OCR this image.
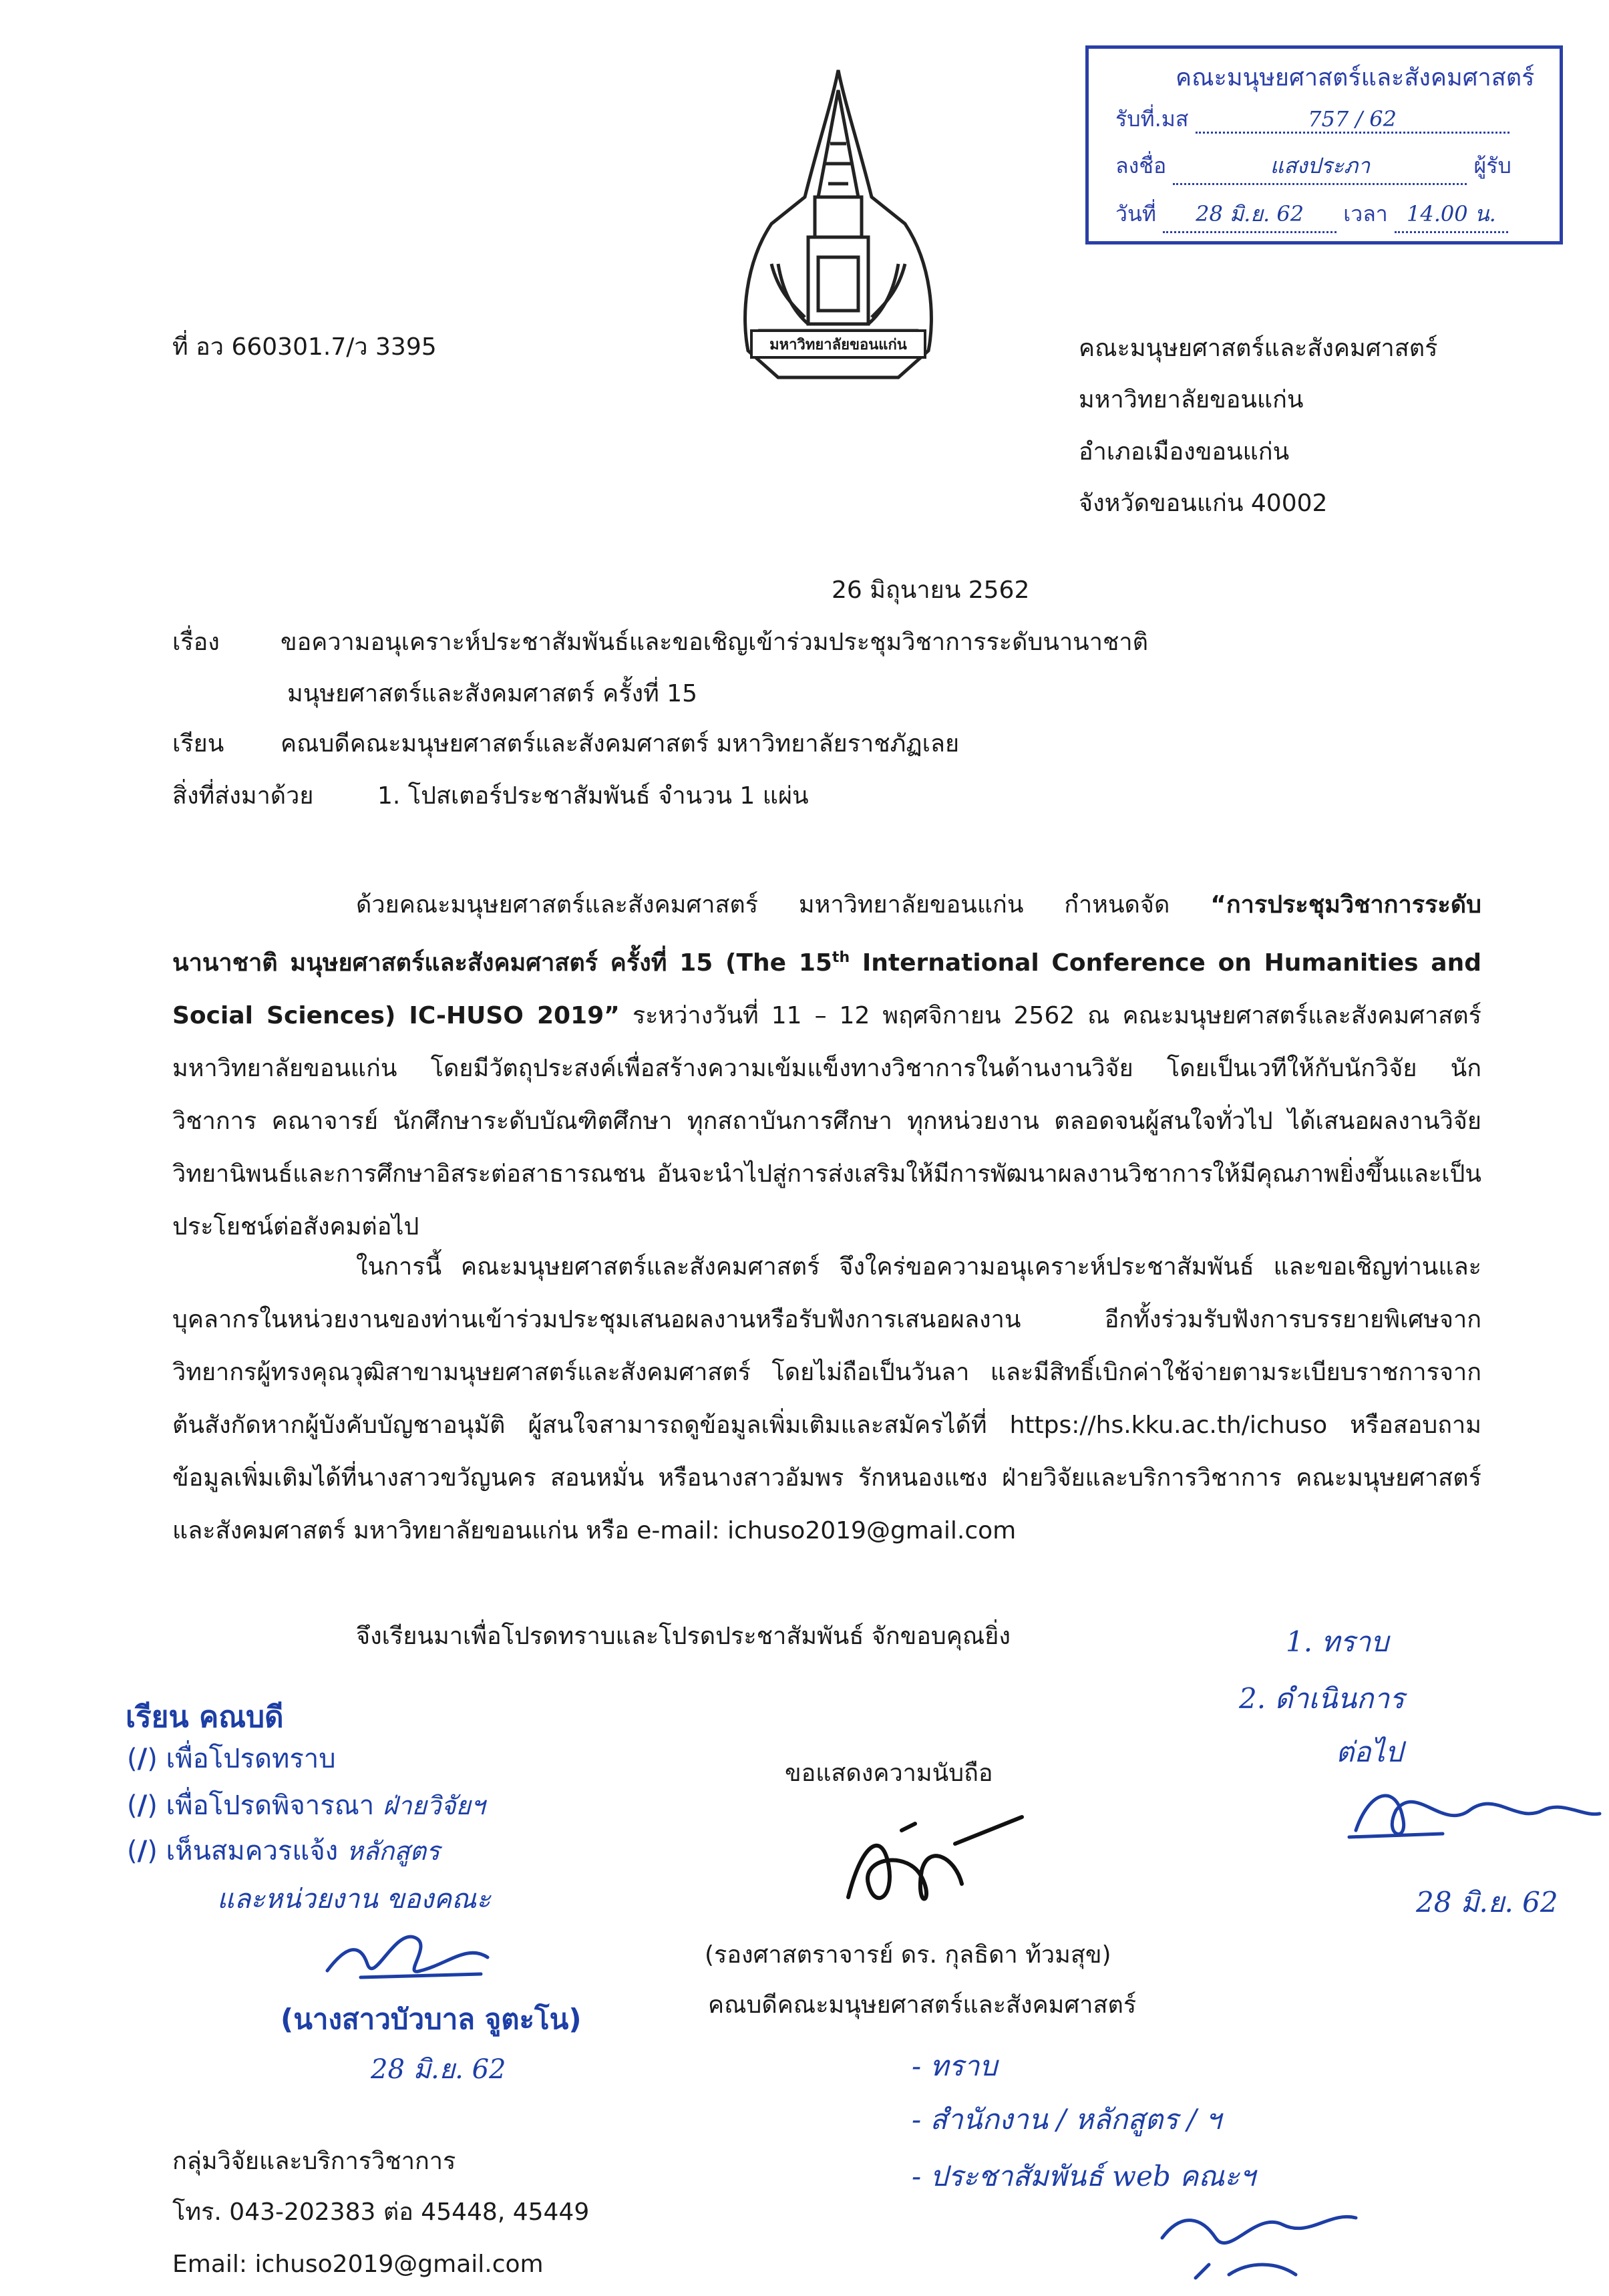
คณะมนุษยศาสตร์และสังคมศาสตร์
รับที่.มส	757 / 62
ลงชื่อ	แสงประภา	ผู้รับ
วันที่ 28 มิ.ย. 62 เวลา 14.00 น.
มหาวิทยาลัยขอนแก่น
ที่ อว 660301.7/ว 3395	คณะมนุษยศาสตร์และสังคมศาสตร์
มหาวิทยาลัยขอนแก่น
อำเภอเมืองขอนแก่น
จังหวัดขอนแก่น 40002
26 มิถุนายน 2562
เรื่อง	ขอความอนุเคราะห์ประชาสัมพันธ์และขอเชิญเข้าร่วมประชุมวิชาการระดับนานาชาติ
มนุษยศาสตร์และสังคมศาสตร์ ครั้งที่ 15
เรียน คณบดีคณะมนุษยศาสตร์และสังคมศาสตร์ มหาวิทยาลัยราชภัฏเลย
สิ่งที่ส่งมาด้วย	1. โปสเตอร์ประชาสัมพันธ์ จำนวน 1 แผ่น

ด้วยคณะมนุษยศาสตร์และสังคมศาสตร์ มหาวิทยาลัยขอนแก่น กำหนดจัด “การประชุมวิชาการระดับนานาชาติ มนุษยศาสตร์และสังคมศาสตร์ ครั้งที่ 15 (The 15th International Conference on Humanities and Social Sciences) IC-HUSO 2019” ระหว่างวันที่ 11 – 12 พฤศจิกายน 2562 ณ คณะมนุษยศาสตร์และสังคมศาสตร์ มหาวิทยาลัยขอนแก่น โดยมีวัตถุประสงค์เพื่อสร้างความเข้มแข็งทางวิชาการในด้านงานวิจัย โดยเป็นเวทีให้กับนักวิจัย นักวิชาการ คณาจารย์ นักศึกษาระดับบัณฑิตศึกษา ทุกสถาบันการศึกษา ทุกหน่วยงาน ตลอดจนผู้สนใจทั่วไป ได้เสนอผลงานวิจัย วิทยานิพนธ์และการศึกษาอิสระต่อสาธารณชน อันจะนำไปสู่การส่งเสริมให้มีการพัฒนาผลงานวิชาการให้มีคุณภาพยิ่งขึ้นและเป็นประโยชน์ต่อสังคมต่อไป

ในการนี้ คณะมนุษยศาสตร์และสังคมศาสตร์ จึงใคร่ขอความอนุเคราะห์ประชาสัมพันธ์ และขอเชิญท่านและบุคลากรในหน่วยงานของท่านเข้าร่วมประชุมเสนอผลงานหรือรับฟังการเสนอผลงาน อีกทั้งร่วมรับฟังการบรรยายพิเศษจากวิทยากรผู้ทรงคุณวุฒิสาขามนุษยศาสตร์และสังคมศาสตร์ โดยไม่ถือเป็นวันลา และมีสิทธิ์เบิกค่าใช้จ่ายตามระเบียบราชการจากต้นสังกัดหากผู้บังคับบัญชาอนุมัติ ผู้สนใจสามารถดูข้อมูลเพิ่มเติมและสมัครได้ที่ https://hs.kku.ac.th/ichuso หรือสอบถามข้อมูลเพิ่มเติมได้ที่นางสาวขวัญนคร สอนหมั่น หรือนางสาวอัมพร รักหนองแซง ฝ่ายวิจัยและบริการวิชาการ คณะมนุษยศาสตร์และสังคมศาสตร์ มหาวิทยาลัยขอนแก่น หรือ e-mail: ichuso2019@gmail.com

จึงเรียนมาเพื่อโปรดทราบและโปรดประชาสัมพันธ์ จักขอบคุณยิ่ง
ขอแสดงความนับถือ
(รองศาสตราจารย์ ดร. กุลธิดา ท้วมสุข)
คณบดีคณะมนุษยศาสตร์และสังคมศาสตร์
กลุ่มวิจัยและบริการวิชาการ
โทร. 043-202383 ต่อ 45448, 45449
Email: ichuso2019@gmail.com
เรียน คณบดี
(/) เพื่อโปรดทราบ
(/) เพื่อโปรดพิจารณา ฝ่ายวิจัยฯ
(/) เห็นสมควรแจ้ง หลักสูตร
และหน่วยงาน ของคณะ
(นางสาวบัวบาล จูตะโน)
28 มิ.ย. 62
1. ทราบ
2. ดำเนินการ
ต่อไป
28 มิ.ย. 62
- ทราบ
- สำนักงาน / หลักสูตร / ฯ
- ประชาสัมพันธ์ web คณะฯ
